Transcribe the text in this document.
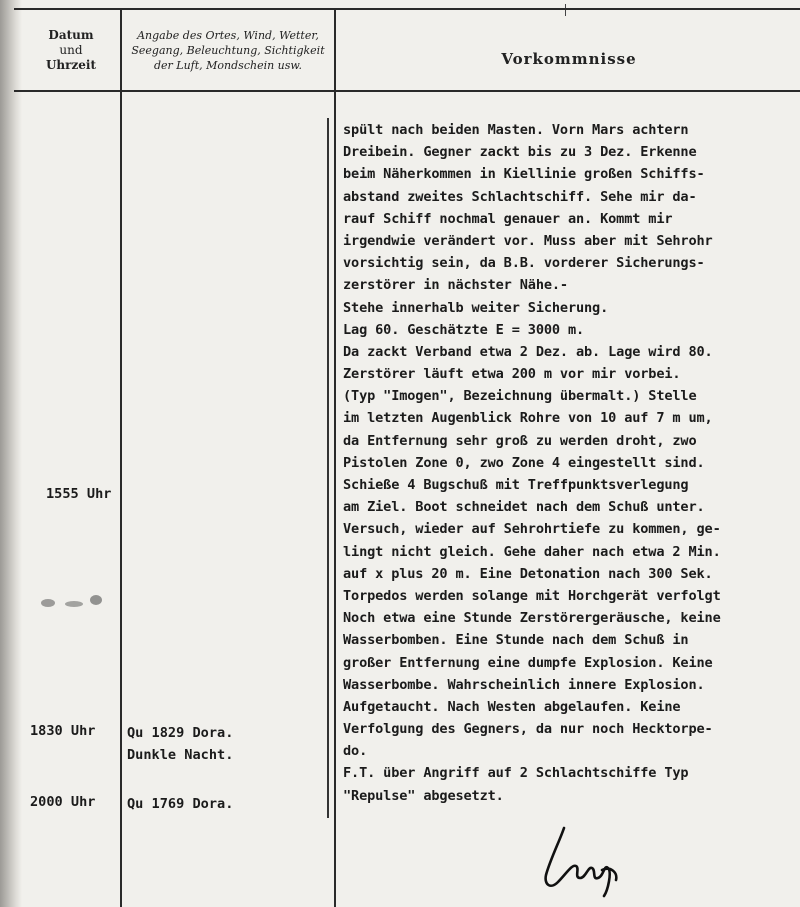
Datum
und
Uhrzeit
Angabe des Ortes, Wind, Wetter,
Seegang, Beleuchtung, Sichtigkeit
der Luft, Mondschein usw.	Vorkommnisse
spült nach beiden Masten. Vorn Mars achtern
Dreibein. Gegner zackt bis zu 3 Dez. Erkenne
beim Näherkommen in Kiellinie großen Schiffs-
abstand zweites Schlachtschiff. Sehe mir da-
rauf Schiff nochmal genauer an. Kommt mir
irgendwie verändert vor. Muss aber mit Sehrohr
vorsichtig sein, da B.B. vorderer Sicherungs-
zerstörer in nächster Nähe.-
Stehe innerhalb weiter Sicherung.
Lag 60. Geschätzte E = 3000 m.
Da zackt Verband etwa 2 Dez. ab. Lage wird 80.
Zerstörer läuft etwa 200 m vor mir vorbei.
(Typ "Imogen", Bezeichnung übermalt.) Stelle
im letzten Augenblick Rohre von 10 auf 7 m um,
da Entfernung sehr groß zu werden droht, zwo
Pistolen Zone 0, zwo Zone 4 eingestellt sind.
Schieße 4 Bugschuß mit Treffpunktsverlegung
am Ziel. Boot schneidet nach dem Schuß unter.
Versuch, wieder auf Sehrohrtiefe zu kommen, ge-
lingt nicht gleich. Gehe daher nach etwa 2 Min.
auf x plus 20 m. Eine Detonation nach 300 Sek.
Torpedos werden solange mit Horchgerät verfolgt
Noch etwa eine Stunde Zerstörergeräusche, keine
Wasserbomben. Eine Stunde nach dem Schuß in
großer Entfernung eine dumpfe Explosion. Keine
Wasserbombe. Wahrscheinlich innere Explosion.
Aufgetaucht. Nach Westen abgelaufen. Keine
Verfolgung des Gegners, da nur noch Hecktorpe-
do.
F.T. über Angriff auf 2 Schlachtschiffe Typ
"Repulse" abgesetzt.
1555 Uhr
1830 Uhr
2000 Uhr
Qu 1829 Dora.
Dunkle Nacht.
Qu 1769 Dora.
